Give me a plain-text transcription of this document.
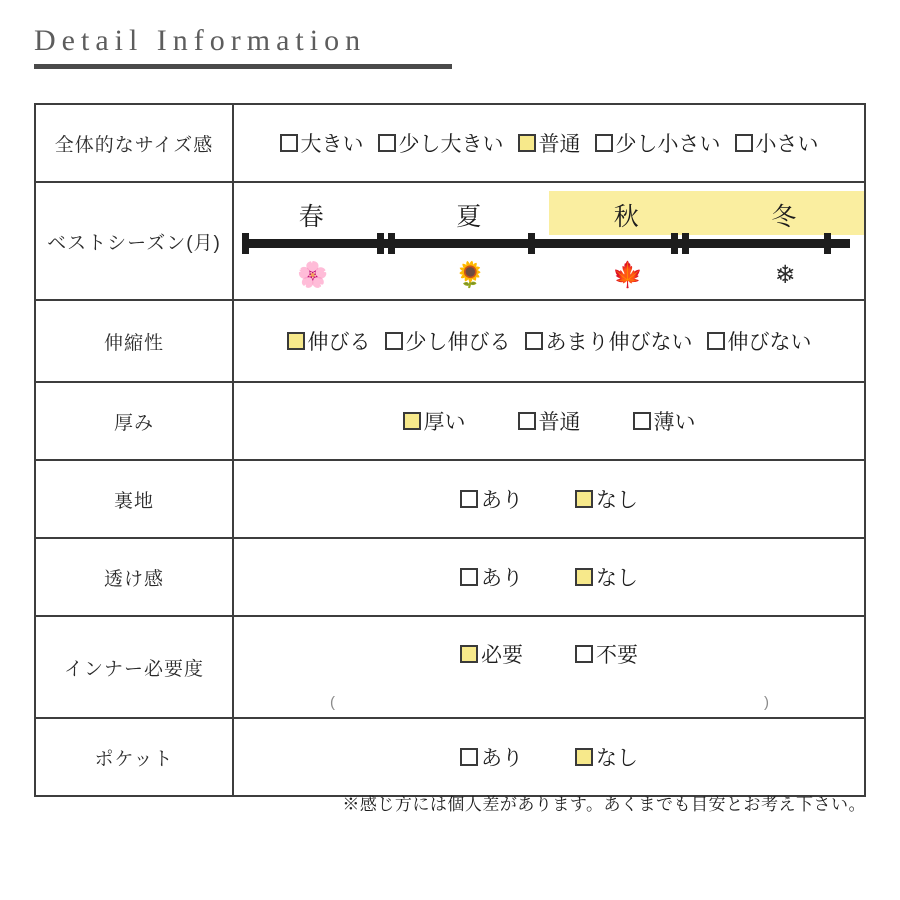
Detail Information
全体的なサイズ感	大きい 少し大きい 普通 少し小さい 小さい

ベストシーズン(月)	
春	夏	秋	冬
🌸	🌻	🍁	❄

伸縮性	伸びる 少し伸びる あまり伸びない 伸びない

厚み	厚い 普通 薄い

裏地	あり なし

透け感	あり なし

インナー必要度	必要 不要
( )

ポケット	あり なし
※感じ方には個人差があります。あくまでも目安とお考え下さい。
